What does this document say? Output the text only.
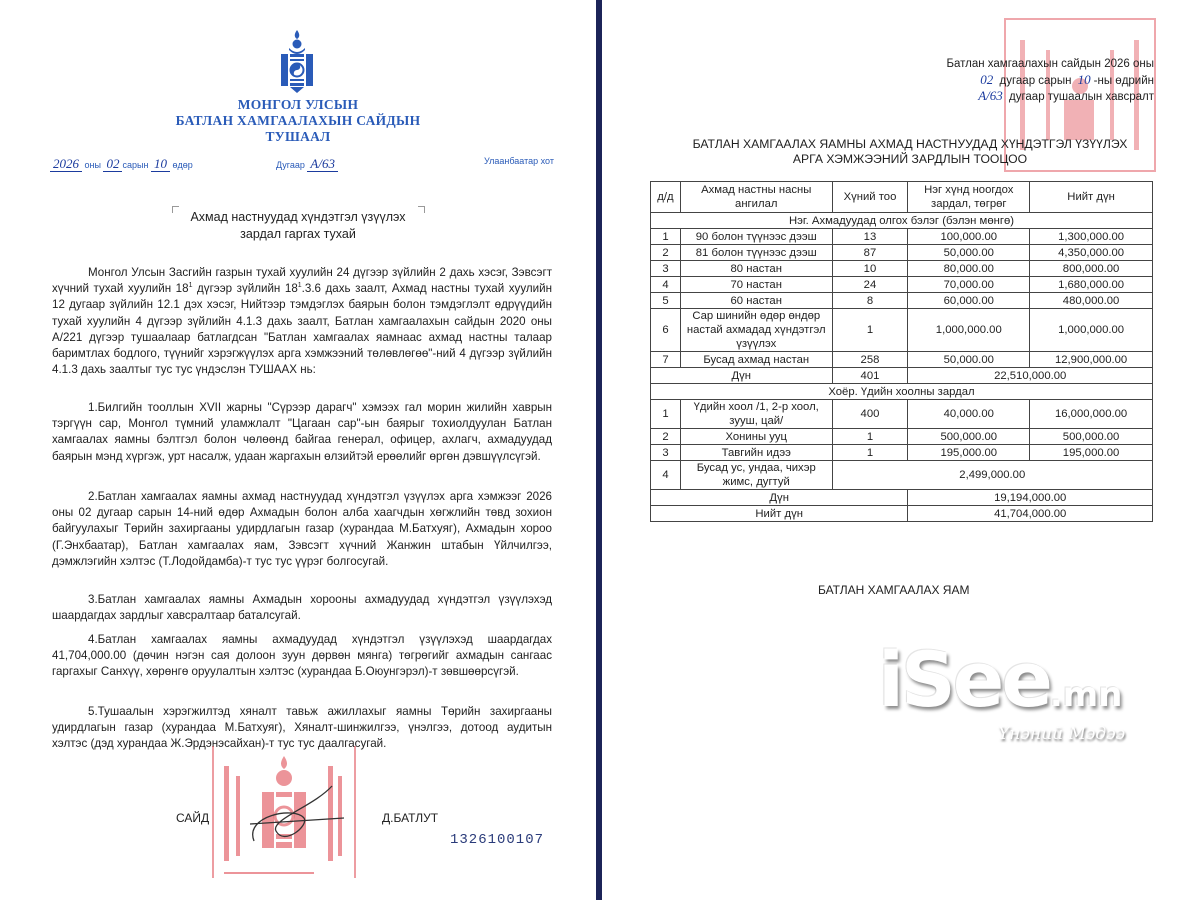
МОНГОЛ УЛСЫН
БАТЛАН ХАМГААЛАХЫН САЙДЫН
ТУШААЛ
2026 оны 02 сарын 10 өдөр	Дугаар А/63	Улаанбаатар хот
Ахмад настнуудад хүндэтгэл үзүүлэх
зардал гаргах тухай
Монгол Улсын Засгийн газрын тухай хуулийн 24 дүгээр зүйлийн 2 дахь хэсэг, Зэвсэгт хүчний тухай хуулийн $18^1$ дүгээр зүйлийн $18^1.3.6$ дахь заалт, Ахмад настны тухай хуулийн 12 дугаар зүйлийн 12.1 дэх хэсэг, Нийтээр тэмдэглэх баярын болон тэмдэглэлт өдрүүдийн тухай хуулийн 4 дүгээр зүйлийн 4.1.3 дахь заалт, Батлан хамгаалахын сайдын 2020 оны А/221 дүгээр тушаалаар батлагдсан "Батлан хамгаалах яамнаас ахмад настны талаар баримтлах бодлого, түүнийг хэрэгжүүлэх арга хэмжээний төлөвлөгөө"-ний 4 дүгээр зүйлийн 4.1.3 дахь заалтыг тус тус үндэслэн ТУШААХ нь:
1.Билгийн тооллын XVII жарны "Сүрээр дарагч" хэмээх гал морин жилийн хаврын тэргүүн сар, Монгол түмний уламжлалт "Цагаан сар"-ын баярыг тохиолдуулан Батлан хамгаалах яамны бэлтгэл болон чөлөөнд байгаа генерал, офицер, ахлагч, ахмадуудад баярын мэнд хүргэж, урт насалж, удаан жаргахын өлзийтэй ерөөлийг өргөн дэвшүүлсүгэй.
2.Батлан хамгаалах яамны ахмад настнуудад хүндэтгэл үзүүлэх арга хэмжээг 2026 оны 02 дугаар сарын 14-ний өдөр Ахмадын болон алба хаагчдын хөгжлийн төвд зохион байгуулахыг Төрийн захиргааны удирдлагын газар (хурандаа М.Батхуяг), Ахмадын хороо (Г.Энхбаатар), Батлан хамгаалах яам, Зэвсэгт хүчний Жанжин штабын Үйлчилгээ, дэмжлэгийн хэлтэс (Т.Лодойдамба)-т тус тус үүрэг болгосугай.
3.Батлан хамгаалах яамны Ахмадын хорооны ахмадуудад хүндэтгэл үзүүлэхэд шаардагдах зардлыг хавсралтаар баталсугай.
4.Батлан хамгаалах яамны ахмадуудад хүндэтгэл үзүүлэхэд шаардагдах 41,704,000.00 (дөчин нэгэн сая долоон зуун дөрвөн мянга) төгрөгийг ахмадын сангаас гаргахыг Санхүү, хөрөнгө оруулалтын хэлтэс (хурандаа Б.Оюунгэрэл)-т зөвшөөрсүгэй.
5.Тушаалын хэрэгжилтэд хяналт тавьж ажиллахыг яамны Төрийн захиргааны удирдлагын газар (хурандаа М.Батхуяг), Хяналт-шинжилгээ, үнэлгээ, дотоод аудитын хэлтэс (дэд хурандаа Ж.Эрдэнэсайхан)-т тус тус даалгасугай.
САЙД	Д.БАТЛУТ
1326100107
Батлан хамгаалахын сайдын 2026 оны
02 дугаар сарын 10 -ны өдрийн
А/63 дугаар тушаалын хавсралт
БАТЛАН ХАМГААЛАХ ЯАМНЫ АХМАД НАСТНУУДАД ХҮНДЭТГЭЛ ҮЗҮҮЛЭХ
АРГА ХЭМЖЭЭНИЙ ЗАРДЛЫН ТООЦОО
д/д	Ахмад настны насны ангилал	Хүний тоо	Нэг хүнд ноогдох зардал, төгрөг	Нийт дүн
Нэг. Ахмадуудад олгох бэлэг (бэлэн мөнгө)				
1	90 болон түүнээс дээш	13	100,000.00	1,300,000.00
2	81 болон түүнээс дээш	87	50,000.00	4,350,000.00
3	80 настан	10	80,000.00	800,000.00
4	70 настан	24	70,000.00	1,680,000.00
5	60 настан	8	60,000.00	480,000.00
6	Сар шинийн өдөр өндөр настай ахмадад хүндэтгэл үзүүлэх	1	1,000,000.00	1,000,000.00
7	Бусад ахмад настан	258	50,000.00	12,900,000.00
Дүн		401	22,510,000.00	
Хоёр. Үдийн хоолны зардал				
1	Үдийн хоол /1, 2-р хоол, зууш, цай/	400	40,000.00	16,000,000.00
2	Хонины ууц	1	500,000.00	500,000.00
3	Тавгийн идээ	1	195,000.00	195,000.00
4	Бусад ус, ундаа, чихэр жимс, дугтуй	2,499,000.00		
Дүн			19,194,000.00	
Нийт дүн			41,704,000.00	
БАТЛАН ХАМГААЛАХ ЯАМ
iSee.mn
Үнэний Мэдээ
